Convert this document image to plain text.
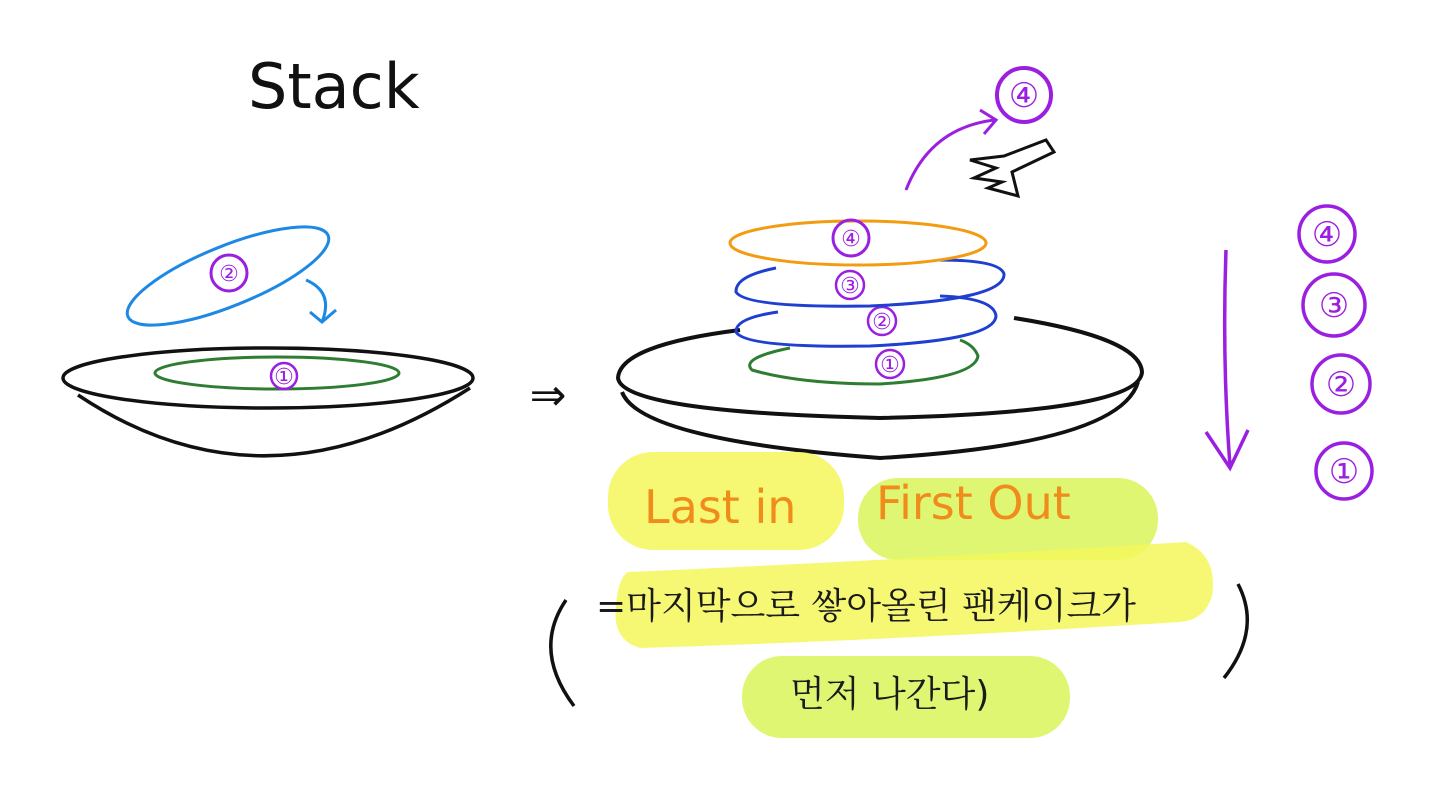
Stack
①
②
⇒
①
②
③
④
④
④
③
②
①
Last in First Out
=마지막으로 쌓아올린 팬케이크가
먼저 나간다)
